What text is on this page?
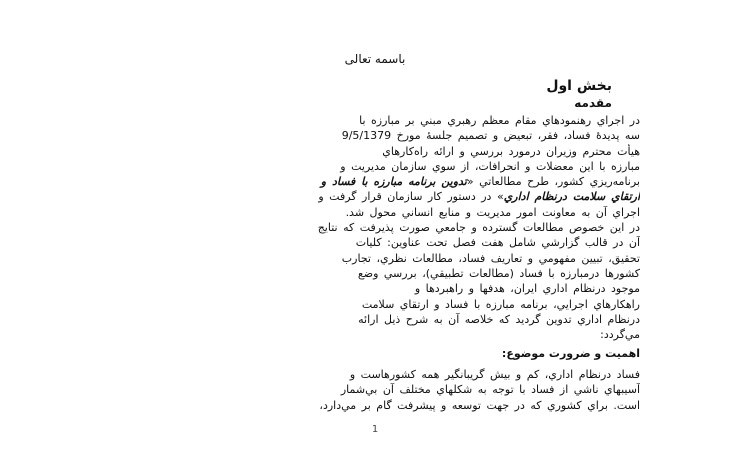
باسمه تعالی
بخش اول
مقدمه
در اجراي رهنمودهاي مقام معظم رهبري مبني بر مبارزه با
سه پديدهٔ فساد، فقر، تبعيض و تصميم جلسهٔ مورخ 9/5/1379
هيأت محترم وزيران درمورد بررسي و ارائه راه‌كارهاي
مبارزه با اين معضلات و انحرافات، از سوي سازمان مديريت و
برنامه‌ريزي كشور، طرح مطالعاتي «تدوين برنامه مبارزه با فساد و
ارتقاي سلامت درنظام اداري» در دستور كار سازمان قرار گرفت و
اجراي آن به معاونت امور مديريت و منابع انساني محول شد.
در اين خصوص مطالعات گسترده و جامعي صورت پذيرفت كه نتايج
آن در قالب گزارشي شامل هفت فصل تحت عناوين: كليات
تحقيق، تبيين مفهومي و تعاريف فساد، مطالعات نظري، تجارب
كشورها درمبارزه با فساد (مطالعات تطبيقي)، بررسي وضع
موجود درنظام اداري ايران، هدفها و راهبردها و
راهكارهاي اجرايي، برنامه مبارزه با فساد و ارتقاي سلامت
درنظام اداري تدوين گرديد كه خلاصه آن به شرح ذيل ارائه
مي‌گردد:
اهميت و ضرورت موضوع:
فساد درنظام اداري، كم و بيش گريبانگير همه كشورهاست و
آسيبهاي ناشي از فساد با توجه به شكلهاي مختلف آن بي‌شمار
است. براي كشوري كه در جهت توسعه و پيشرفت گام بر مي‌دارد،
1
